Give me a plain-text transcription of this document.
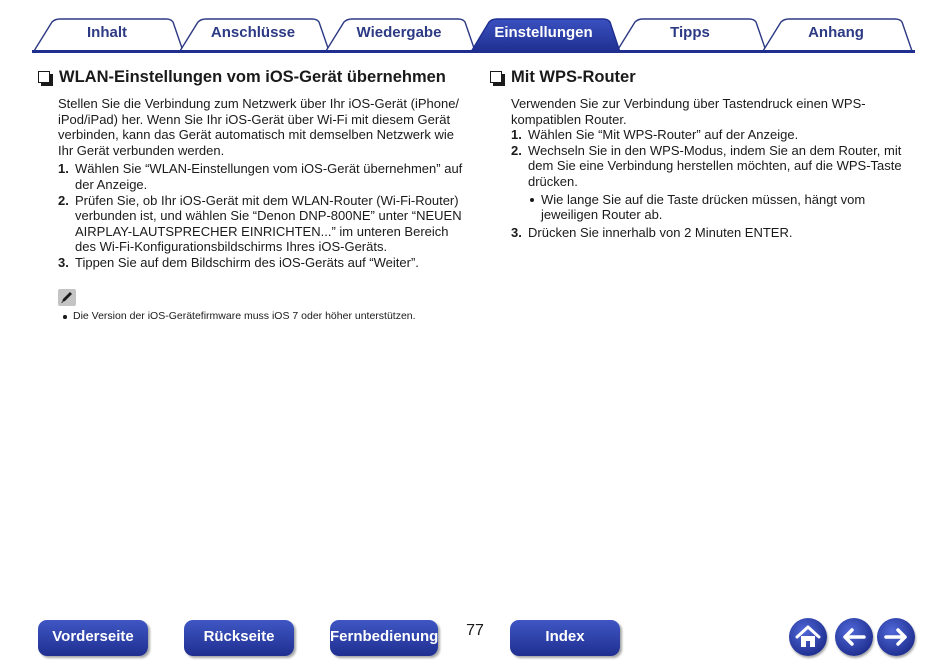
Inhalt	Anschlüsse	Wiedergabe	Einstellungen	Tipps	Anhang
WLAN-Einstellungen vom iOS-Gerät übernehmen
Stellen Sie die Verbindung zum Netzwerk über Ihr iOS-Gerät (iPhone/
iPod/iPad) her. Wenn Sie Ihr iOS-Gerät über Wi-Fi mit diesem Gerät
verbinden, kann das Gerät automatisch mit demselben Netzwerk wie
Ihr Gerät verbunden werden.
1. Wählen Sie “WLAN-Einstellungen vom iOS-Gerät übernehmen” auf
der Anzeige.
2. Prüfen Sie, ob Ihr iOS-Gerät mit dem WLAN-Router (Wi-Fi-Router)
verbunden ist, und wählen Sie “Denon DNP-800NE” unter “NEUEN
AIRPLAY-LAUTSPRECHER EINRICHTEN...” im unteren Bereich
des Wi-Fi-Konfigurationsbildschirms Ihres iOS-Geräts.
3. Tippen Sie auf dem Bildschirm des iOS-Geräts auf “Weiter”.
Die Version der iOS-Gerätefirmware muss iOS 7 oder höher unterstützen.
Mit WPS-Router
Verwenden Sie zur Verbindung über Tastendruck einen WPS-
kompatiblen Router.
1. Wählen Sie “Mit WPS-Router” auf der Anzeige.
2. Wechseln Sie in den WPS-Modus, indem Sie an dem Router, mit
dem Sie eine Verbindung herstellen möchten, auf die WPS-Taste
drücken.
Wie lange Sie auf die Taste drücken müssen, hängt vom
jeweiligen Router ab.
3. Drücken Sie innerhalb von 2 Minuten ENTER.
Vorderseite	Rückseite	Fernbedienung 77	Index
